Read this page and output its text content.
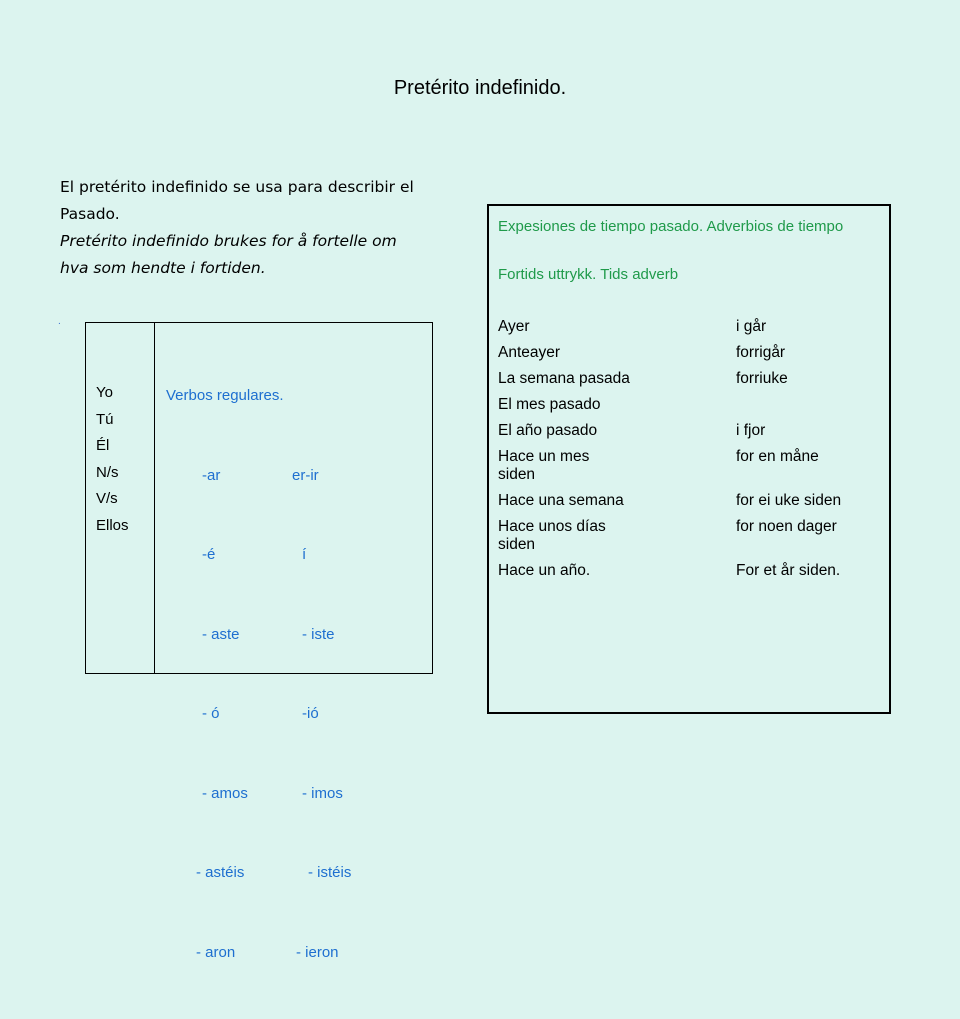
Pretérito indefinido.
El pretérito indefinido se usa para describir el
Pasado.
Pretérito indefinido brukes for å fortelle om
hva som hendte i fortiden.
.
Yo
Tú
Él
N/s
V/s
Ellos

Verbos regulares.

-ar	er-ir

-é	í

- aste	- iste

- ó	-ió

- amos	- imos

- astéis	- istéis

- aron	- ieron

Expesiones de tiempo pasado. Adverbios de tiempo
Fortids uttrykk. Tids adverb
Ayer	i går
Anteayer	forrigår
La semana pasada	forriuke
El mes pasado
El año pasado	i fjor
Hace un mes	for en måne
siden
Hace una semana	for ei uke siden
Hace unos días	for noen dager
siden
Hace un año.	For et år siden.
